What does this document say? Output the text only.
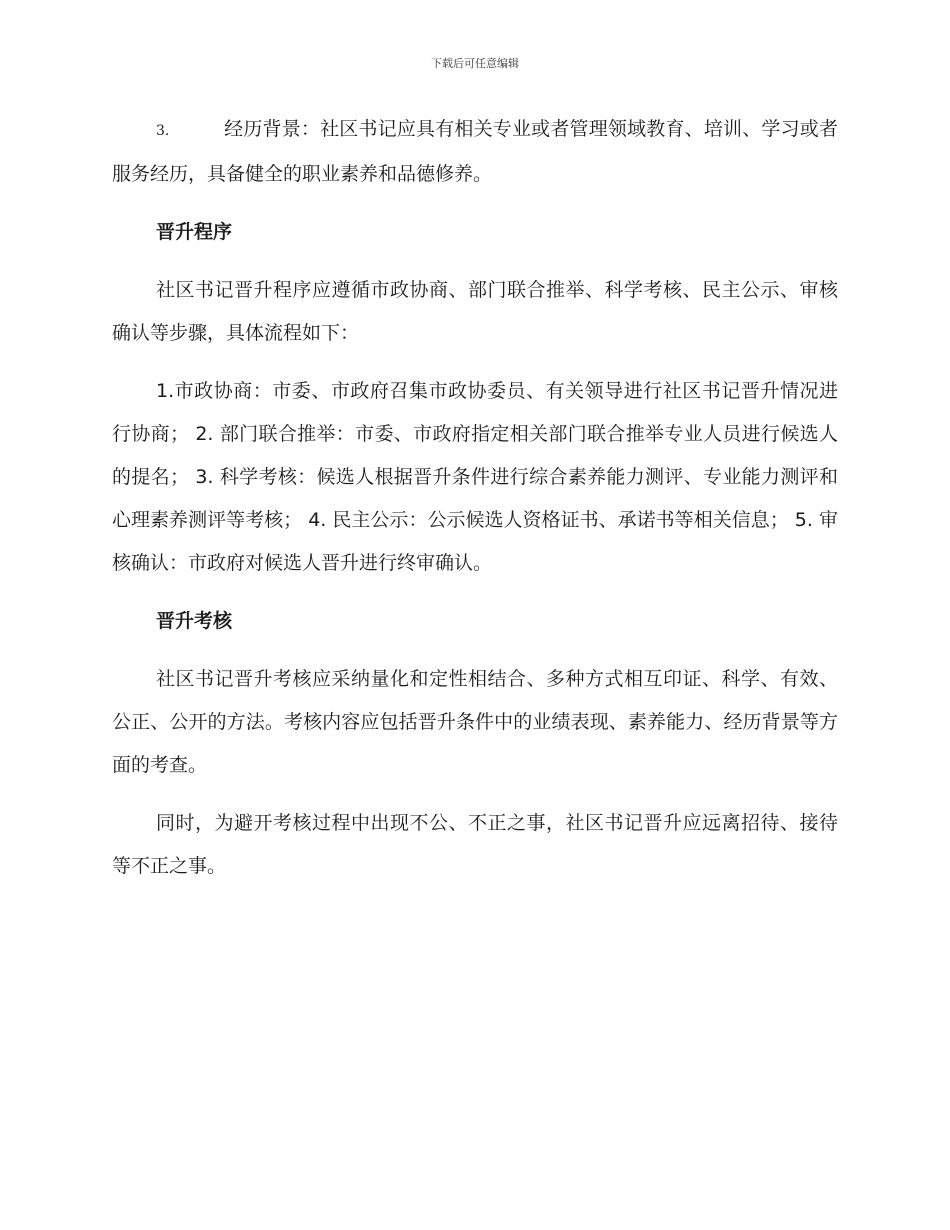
下载后可任意编辑

3.	经历背景：社区书记应具有相关专业或者管理领域教育、培训、学习或者服务经历，具备健全的职业素养和品德修养。

晋升程序

社区书记晋升程序应遵循市政协商、部门联合推举、科学考核、民主公示、审核确认等步骤，具体流程如下：

1.市政协商：市委、市政府召集市政协委员、有关领导进行社区书记晋升情况进行协商； 2. 部门联合推举：市委、市政府指定相关部门联合推举专业人员进行候选人的提名； 3. 科学考核：候选人根据晋升条件进行综合素养能力测评、专业能力测评和心理素养测评等考核； 4. 民主公示：公示候选人资格证书、承诺书等相关信息； 5. 审核确认：市政府对候选人晋升进行终审确认。

晋升考核

社区书记晋升考核应采纳量化和定性相结合、多种方式相互印证、科学、有效、公正、公开的方法。考核内容应包括晋升条件中的业绩表现、素养能力、经历背景等方面的考查。

同时，为避开考核过程中出现不公、不正之事，社区书记晋升应远离招待、接待等不正之事。
